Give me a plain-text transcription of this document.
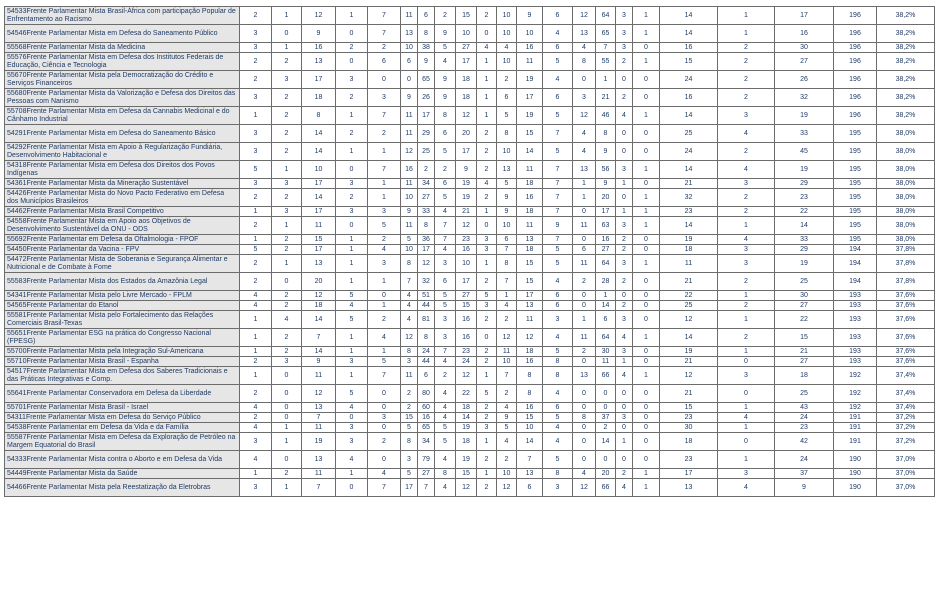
54533Frente Parlamentar Mista Brasil-África com participação Popular de Enfrentamento ao Racismo	2	1	12	1	7	11	6	2	15	2	10	9	6	12	64	3	1	14	1	17	196	38,2%
54546Frente Parlamentar Mista em Defesa do Saneamento Público	3	0	9	0	7	13	8	9	10	0	10	10	4	13	65	3	1	14	1	16	196	38,2%
55568Frente Parlamentar Mista da Medicina	3	1	16	2	2	10	38	5	27	4	4	16	6	4	7	3	0	16	2	30	196	38,2%
55576Frente Parlamentar Mista em Defesa dos Institutos Federais de Educação, Ciência e Tecnologia	2	2	13	0	6	6	9	4	17	1	10	11	5	8	55	2	1	15	2	27	196	38,2%
55670Frente Parlamentar Mista pela Democratização do Crédito e Serviços Financeiros	2	3	17	3	0	0	65	9	18	1	2	19	4	0	1	0	0	24	2	26	196	38,2%
55680Frente Parlamentar Mista da Valorização e Defesa dos Direitos das Pessoas com Nanismo	3	2	18	2	3	9	26	9	18	1	6	17	6	3	21	2	0	16	2	32	196	38,2%
55708Frente Parlamentar Mista em Defesa da Cannabis Medicinal e do Cânhamo Industrial	1	2	8	1	7	11	17	8	12	1	5	19	5	12	46	4	1	14	3	19	196	38,2%
54291Frente Parlamentar Mista em Defesa do Saneamento Básico	3	2	14	2	2	11	29	6	20	2	8	15	7	4	8	0	0	25	4	33	195	38,0%
54292Frente Parlamentar Mista em Apoio à Regularização Fundiária, Desenvolvimento Habitacional e	3	2	14	1	1	12	25	5	17	2	10	14	5	4	9	0	0	24	2	45	195	38,0%
54318Frente Parlamentar Mista em Defesa dos Direitos dos Povos Indígenas	5	1	10	0	7	16	2	2	9	2	13	11	7	13	56	3	1	14	4	19	195	38,0%
54361Frente Parlamentar Mista da Mineração Sustentável	3	3	17	3	1	11	34	6	19	4	5	18	7	1	9	1	0	21	3	29	195	38,0%
54426Frente Parlamentar Mista do Novo Pacto Federativo em Defesa dos Municípios Brasileiros	2	2	14	2	1	10	27	5	19	2	9	16	7	1	20	0	1	32	2	23	195	38,0%
54462Frente Parlamentar Mista Brasil Competitivo	1	3	17	3	3	9	33	4	21	1	9	18	7	0	17	1	1	23	2	22	195	38,0%
54558Frente Parlamentar Mista em Apoio aos Objetivos de Desenvolvimento Sustentável da ONU - ODS	2	1	11	0	5	11	8	7	12	0	10	11	9	11	63	3	1	14	1	14	195	38,0%
55692Frente Parlamentar em Defesa da Oftalmologia - FPOF	1	2	15	1	2	5	36	7	23	3	6	13	7	0	16	2	0	19	4	33	195	38,0%
54450Frente Parlamentar da Vacina - FPV	5	2	17	1	4	10	17	4	16	3	7	18	5	6	27	2	0	18	3	29	194	37,8%
54472Frente Parlamentar Mista de Soberania e Segurança Alimentar e Nutricional e de Combate à Fome	2	1	13	1	3	8	12	3	10	1	8	15	5	11	64	3	1	11	3	19	194	37,8%
55583Frente Parlamentar Mista dos Estados da Amazônia Legal	2	0	20	1	1	7	32	6	17	2	7	15	4	2	28	2	0	21	2	25	194	37,8%
54341Frente Parlamentar Mista pelo Livre Mercado - FPLM	4	2	12	5	0	4	51	5	27	5	1	17	6	0	1	0	0	22	1	30	193	37,6%
54565Frente Parlamentar do Etanol	4	2	18	4	1	4	44	5	15	3	4	13	6	0	14	2	0	25	2	27	193	37,6%
55581Frente Parlamentar Mista pelo Fortalecimento das Relações Comerciais Brasil-Texas	1	4	14	5	2	4	81	3	16	2	2	11	3	1	6	3	0	12	1	22	193	37,6%
55651Frente Parlamentar ESG na prática do Congresso Nacional (FPESG)	1	2	7	1	4	12	8	3	16	0	12	12	4	11	64	4	1	14	2	15	193	37,6%
55700Frente Parlamentar Mista pela Integração Sul-Americana	1	2	14	1	1	8	24	7	23	2	11	18	5	2	30	3	0	19	1	21	193	37,6%
55710Frente Parlamentar Mista Brasil - Espanha	2	3	9	3	5	3	44	4	24	2	10	16	8	0	11	1	0	21	0	27	193	37,6%
54517Frente Parlamentar Mista em Defesa dos Saberes Tradicionais e das Práticas Integrativas e Comp.	1	0	11	1	7	11	6	2	12	1	7	8	8	13	66	4	1	12	3	18	192	37,4%
55641Frente Parlamentar Conservadora em Defesa da Liberdade	2	0	12	5	0	2	80	4	22	5	2	8	4	0	0	0	0	21	0	25	192	37,4%
55701Frente Parlamentar Mista Brasil - Israel	4	0	13	4	0	2	60	4	18	2	4	16	6	0	0	0	0	15	1	43	192	37,4%
54311Frente Parlamentar Mista em Defesa do Serviço Público	2	0	7	0	3	15	16	4	14	2	9	15	5	8	37	3	0	23	4	24	191	37,2%
54538Frente Parlamentar em Defesa da Vida e da Família	4	1	11	3	0	5	65	5	19	3	5	10	4	0	2	0	0	30	1	23	191	37,2%
55587Frente Parlamentar Mista em Defesa da Exploração de Petróleo na Margem Equatorial do Brasil	3	1	19	3	2	8	34	5	18	1	4	14	4	0	14	1	0	18	0	42	191	37,2%
54333Frente Parlamentar Mista contra o Aborto e em Defesa da Vida	4	0	13	4	0	3	79	4	19	2	2	7	5	0	0	0	0	23	1	24	190	37,0%
54449Frente Parlamentar Mista da Saúde	1	2	11	1	4	5	27	8	15	1	10	13	8	4	20	2	1	17	3	37	190	37,0%
54466Frente Parlamentar Mista pela Reestatização da Eletrobras	3	1	7	0	7	17	7	4	12	2	12	6	3	12	66	4	1	13	4	9	190	37,0%
